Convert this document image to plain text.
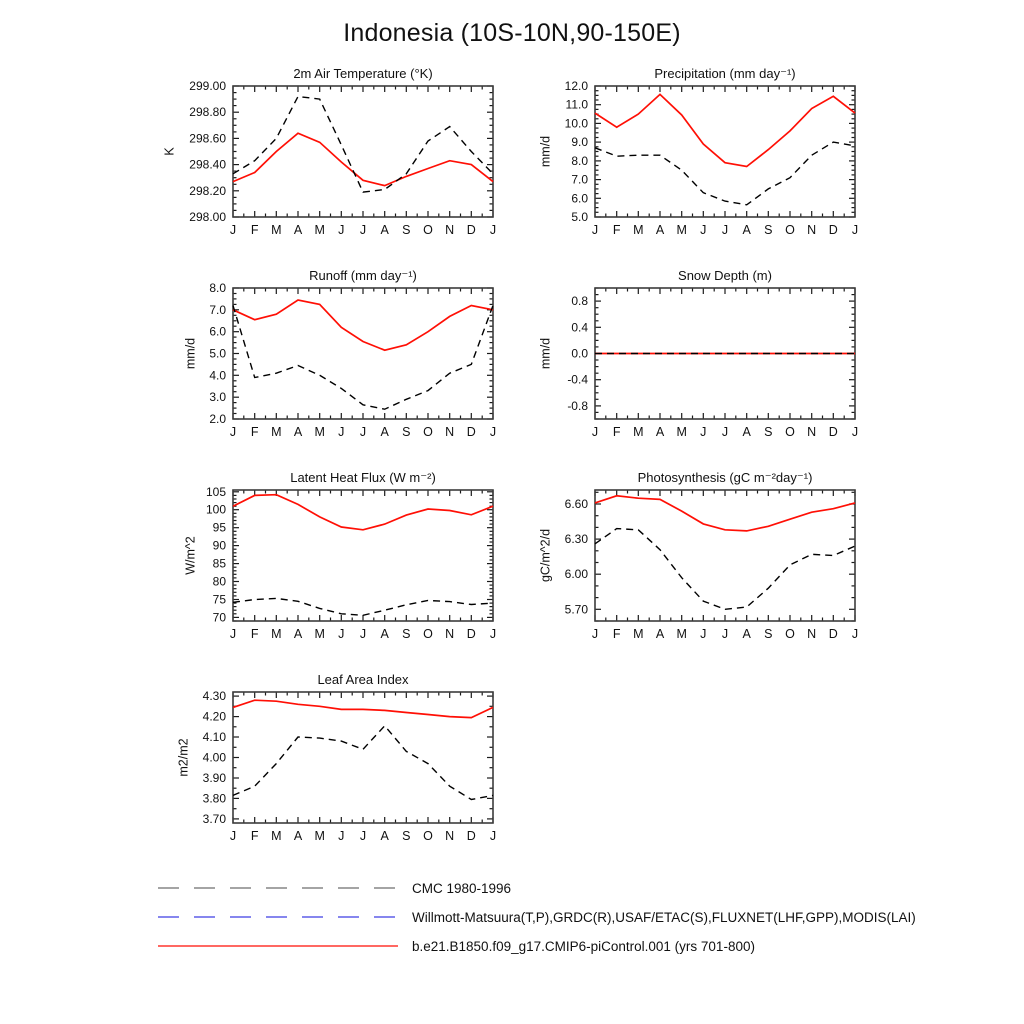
Indonesia (10S-10N,90-150E)
2m Air Temperature (°K)
K
298.00
298.20
298.40
298.60
298.80
299.00
J F M A M J J A S O N D J
Precipitation (mm day⁻¹)
mm/d
5.0
6.0
7.0
8.0
9.0
10.0
11.0
12.0
J F M A M J J A S O N D J
Runoff (mm day⁻¹)
mm/d
2.0
3.0
4.0
5.0
6.0
7.0
8.0
J F M A M J J A S O N D J
Snow Depth (m)
mm/d
-0.8
-0.4
0.0
0.4
0.8
J F M A M J J A S O N D J
Latent Heat Flux (W m⁻²)
W/m^2
70
75
80
85
90
95
100
105
J F M A M J J A S O N D J
Photosynthesis (gC m⁻²day⁻¹)
gC/m^2/d
5.70
6.00
6.30
6.60
J F M A M J J A S O N D J
Leaf Area Index
m2/m2
3.70
3.80
3.90
4.00
4.10
4.20
4.30
J F M A M J J A S O N D J
CMC 1980-1996
Willmott-Matsuura(T,P),GRDC(R),USAF/ETAC(S),FLUXNET(LHF,GPP),MODIS(LAI)
b.e21.B1850.f09_g17.CMIP6-piControl.001 (yrs 701-800)
